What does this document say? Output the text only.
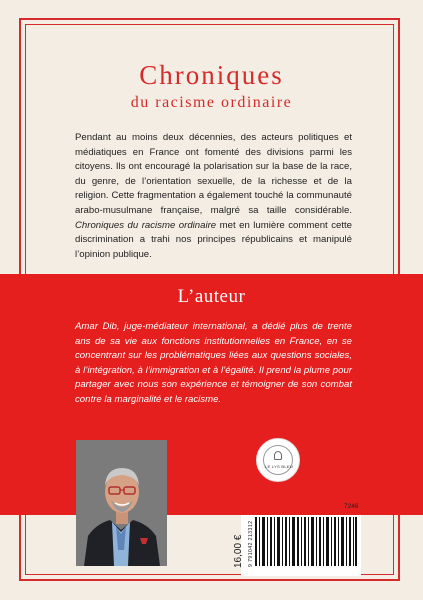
Chroniques
du racisme ordinaire
Pendant au moins deux décennies, des acteurs politiques et médiatiques en France ont fomenté des divisions parmi les citoyens. Ils ont encouragé la polarisation sur la base de la race, du genre, de l’orientation sexuelle, de la richesse et de la religion. Cette fragmentation a également touché la communauté arabo-musulmane française, malgré sa taille considérable. Chroniques du racisme ordinaire met en lumière comment cette discrimination a trahi nos principes républicains et manipulé l’opinion publique.
L’auteur
Amar Dib, juge-médiateur international, a dédié plus de trente ans de sa vie aux fonctions institutionnelles en France, en se concentrant sur les problématiques liées aux questions sociales, à l’intégration, à l’immigration et à l’égalité. Il prend la plume pour partager avec nous son expérience et témoigner de son combat contre la marginalité et le racisme.
LE LYS BLEU
7246
9 791042 213312
16,00 €
